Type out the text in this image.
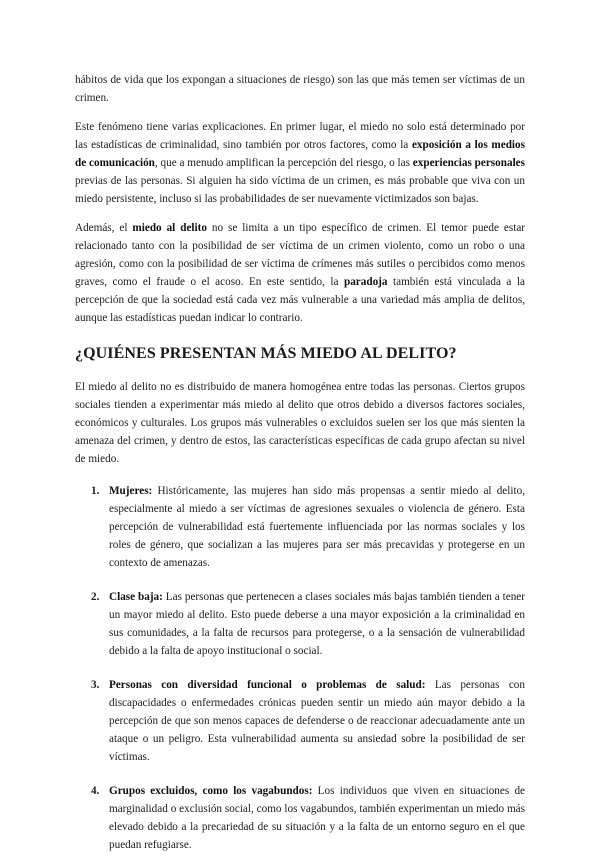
hábitos de vida que los expongan a situaciones de riesgo) son las que más temen ser víctimas de un crimen.

Este fenómeno tiene varias explicaciones. En primer lugar, el miedo no solo está determinado por las estadísticas de criminalidad, sino también por otros factores, como la exposición a los medios de comunicación, que a menudo amplifican la percepción del riesgo, o las experiencias personales previas de las personas. Si alguien ha sido víctima de un crimen, es más probable que viva con un miedo persistente, incluso si las probabilidades de ser nuevamente victimizados son bajas.

Además, el miedo al delito no se limita a un tipo específico de crimen. El temor puede estar relacionado tanto con la posibilidad de ser víctima de un crimen violento, como un robo o una agresión, como con la posibilidad de ser víctima de crímenes más sutiles o percibidos como menos graves, como el fraude o el acoso. En este sentido, la paradoja también está vinculada a la percepción de que la sociedad está cada vez más vulnerable a una variedad más amplia de delitos, aunque las estadísticas puedan indicar lo contrario.

¿QUIÉNES PRESENTAN MÁS MIEDO AL DELITO?

El miedo al delito no es distribuido de manera homogénea entre todas las personas. Ciertos grupos sociales tienden a experimentar más miedo al delito que otros debido a diversos factores sociales, económicos y culturales. Los grupos más vulnerables o excluidos suelen ser los que más sienten la amenaza del crimen, y dentro de estos, las características específicas de cada grupo afectan su nivel de miedo.

1. Mujeres: Históricamente, las mujeres han sido más propensas a sentir miedo al delito, especialmente al miedo a ser víctimas de agresiones sexuales o violencia de género. Esta percepción de vulnerabilidad está fuertemente influenciada por las normas sociales y los roles de género, que socializan a las mujeres para ser más precavidas y protegerse en un contexto de amenazas.

2. Clase baja: Las personas que pertenecen a clases sociales más bajas también tienden a tener un mayor miedo al delito. Esto puede deberse a una mayor exposición a la criminalidad en sus comunidades, a la falta de recursos para protegerse, o a la sensación de vulnerabilidad debido a la falta de apoyo institucional o social.

3. Personas con diversidad funcional o problemas de salud: Las personas con discapacidades o enfermedades crónicas pueden sentir un miedo aún mayor debido a la percepción de que son menos capaces de defenderse o de reaccionar adecuadamente ante un ataque o un peligro. Esta vulnerabilidad aumenta su ansiedad sobre la posibilidad de ser víctimas.

4. Grupos excluidos, como los vagabundos: Los individuos que viven en situaciones de marginalidad o exclusión social, como los vagabundos, también experimentan un miedo más elevado debido a la precariedad de su situación y a la falta de un entorno seguro en el que puedan refugiarse.
